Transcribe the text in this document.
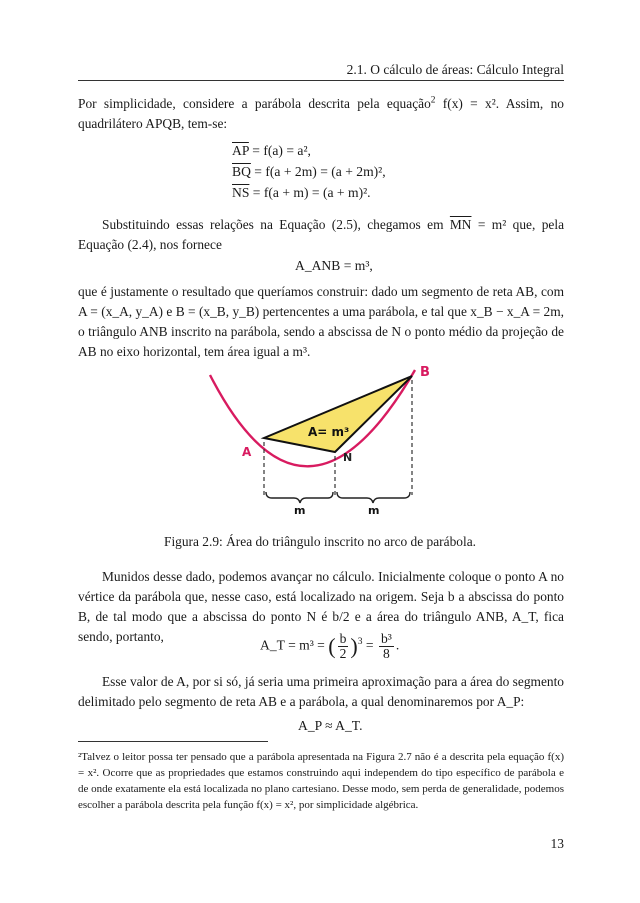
2.1. O cálculo de áreas: Cálculo Integral
Por simplicidade, considere a parábola descrita pela equação$^2$ f(x) = x². Assim, no quadrilátero APQB, tem-se:
$\overline{AP} = f(a) = a^2$,
$\overline{BQ} = f(a + 2m) = (a + 2m)^2$,
$\overline{NS} = f(a + m) = (a + m)^2$.
Substituindo essas relações na Equação (2.5), chegamos em $\overline{MN} = m^2$ que, pela Equação (2.4), nos fornece
A_ANB = m³,
que é justamente o resultado que queríamos construir: dado um segmento de reta AB, com A = (x_A, y_A) e B = (x_B, y_B) pertencentes a uma parábola, e tal que x_B − x_A = 2m, o triângulo ANB inscrito na parábola, sendo a abscissa de N o ponto médio da projeção de AB no eixo horizontal, tem área igual a m³.
A
B
N
A= m³
m	m
Figura 2.9: Área do triângulo inscrito no arco de parábola.
Munidos desse dado, podemos avançar no cálculo. Inicialmente coloque o ponto A no vértice da parábola que, nesse caso, está localizado na origem. Seja b a abscissa do ponto B, de tal modo que a abscissa do ponto N é b/2 e a área do triângulo ANB, A_T, fica sendo, portanto,
A_T = m³ = ( $\frac{b}{2} )^3 = \frac{\text{b³}}{8}$ .
Esse valor de A, por si só, já seria uma primeira aproximação para a área do segmento delimitado pelo segmento de reta AB e a parábola, a qual denominaremos por A_P:
A_P ≈ A_T.
²Talvez o leitor possa ter pensado que a parábola apresentada na Figura 2.7 não é a descrita pela equação f(x) = x². Ocorre que as propriedades que estamos construindo aqui independem do tipo específico de parábola e de onde exatamente ela está localizada no plano cartesiano. Desse modo, sem perda de generalidade, podemos escolher a parábola descrita pela função f(x) = x², por simplicidade algébrica.
13
